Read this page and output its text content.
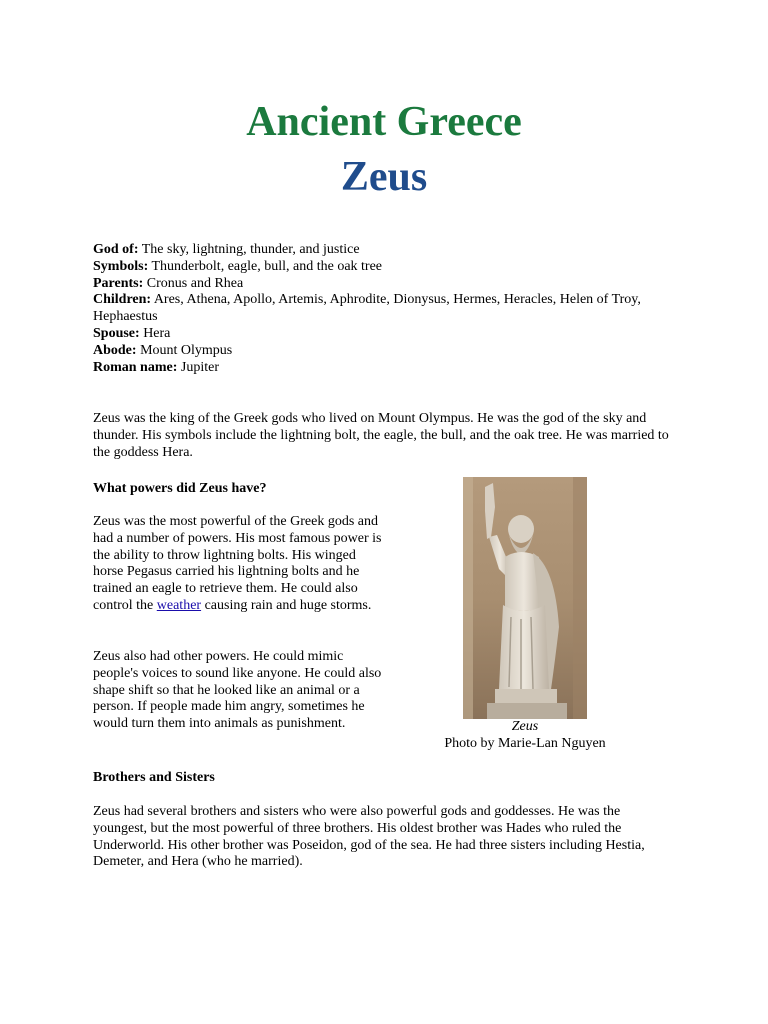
Ancient Greece
Zeus
God of: The sky, lightning, thunder, and justice
Symbols: Thunderbolt, eagle, bull, and the oak tree
Parents: Cronus and Rhea
Children: Ares, Athena, Apollo, Artemis, Aphrodite, Dionysus, Hermes, Heracles, Helen of Troy, Hephaestus
Spouse: Hera
Abode: Mount Olympus
Roman name: Jupiter
Zeus was the king of the Greek gods who lived on Mount Olympus. He was the god of the sky and thunder. His symbols include the lightning bolt, the eagle, the bull, and the oak tree. He was married to the goddess Hera.
What powers did Zeus have?
Zeus was the most powerful of the Greek gods and had a number of powers. His most famous power is the ability to throw lightning bolts. His winged horse Pegasus carried his lightning bolts and he trained an eagle to retrieve them. He could also control the weather causing rain and huge storms.
Zeus also had other powers. He could mimic people's voices to sound like anyone. He could also shape shift so that he looked like an animal or a person. If people made him angry, sometimes he would turn them into animals as punishment.	Zeus
Photo by Marie-Lan Nguyen
Brothers and Sisters
Zeus had several brothers and sisters who were also powerful gods and goddesses. He was the youngest, but the most powerful of three brothers. His oldest brother was Hades who ruled the Underworld. His other brother was Poseidon, god of the sea. He had three sisters including Hestia, Demeter, and Hera (who he married).
